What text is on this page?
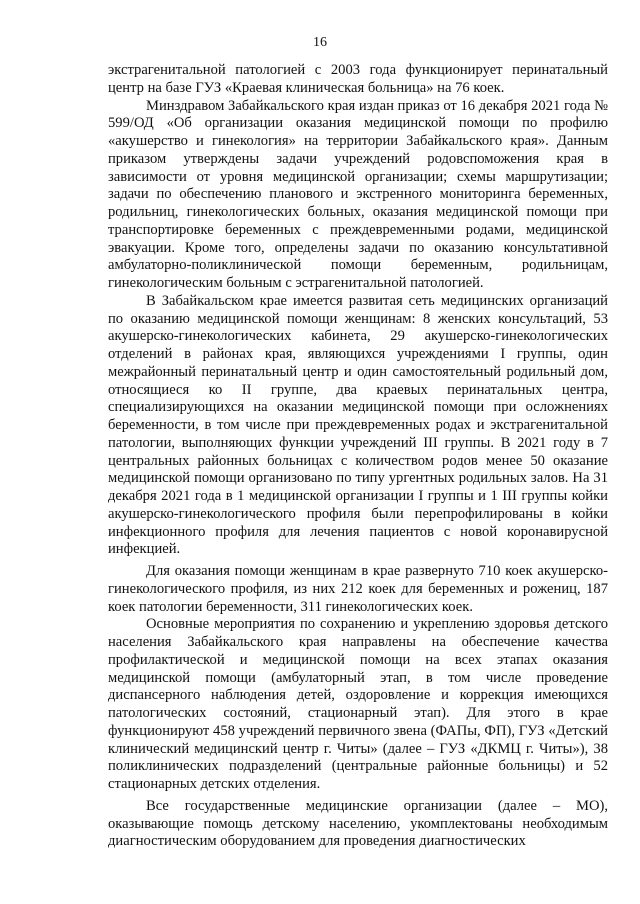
16

экстрагенитальной патологией с 2003 года функционирует перинатальный центр на базе ГУЗ «Краевая клиническая больница» на 76 коек.

Минздравом Забайкальского края издан приказ от 16 декабря 2021 года № 599/ОД «Об организации оказания медицинской помощи по профилю «акушерство и гинекология» на территории Забайкальского края». Данным приказом утверждены задачи учреждений родовспоможения края в зависимости от уровня медицинской организации; схемы маршрутизации; задачи по обеспечению планового и экстренного мониторинга беременных, родильниц, гинекологических больных, оказания медицинской помощи при транспортировке беременных с преждевременными родами, медицинской эвакуации. Кроме того, определены задачи по оказанию консультативной амбулаторно-поликлинической помощи беременным, родильницам, гинекологическим больным с эстрагенитальной патологией.

В Забайкальском крае имеется развитая сеть медицинских организаций по оказанию медицинской помощи женщинам: 8 женских консультаций, 53 акушерско-гинекологических кабинета, 29 акушерско-гинекологических отделений в районах края, являющихся учреждениями I группы, один межрайонный перинатальный центр и один самостоятельный родильный дом, относящиеся ко II группе, два краевых перинатальных центра, специализирующихся на оказании медицинской помощи при осложнениях беременности, в том числе при преждевременных родах и экстрагенитальной патологии, выполняющих функции учреждений III группы. В 2021 году в 7 центральных районных больницах с количеством родов менее 50 оказание медицинской помощи организовано по типу ургентных родильных залов. На 31 декабря 2021 года в 1 медицинской организации I группы и 1 III группы койки акушерско-гинекологического профиля были перепрофилированы в койки инфекционного профиля для лечения пациентов с новой коронавирусной инфекцией.

Для оказания помощи женщинам в крае развернуто 710 коек акушерско-гинекологического профиля, из них 212 коек для беременных и рожениц, 187 коек патологии беременности, 311 гинекологических коек.

Основные мероприятия по сохранению и укреплению здоровья детского населения Забайкальского края направлены на обеспечение качества профилактической и медицинской помощи на всех этапах оказания медицинской помощи (амбулаторный этап, в том числе проведение диспансерного наблюдения детей, оздоровление и коррекция имеющихся патологических состояний, стационарный этап). Для этого в крае функционируют 458 учреждений первичного звена (ФАПы, ФП), ГУЗ «Детский клинический медицинский центр г. Читы» (далее – ГУЗ «ДКМЦ г. Читы»), 38 поликлинических подразделений (центральные районные больницы) и 52 стационарных детских отделения.

Все государственные медицинские организации (далее – МО), оказывающие помощь детскому населению, укомплектованы необходимым диагностическим оборудованием для проведения диагностических
